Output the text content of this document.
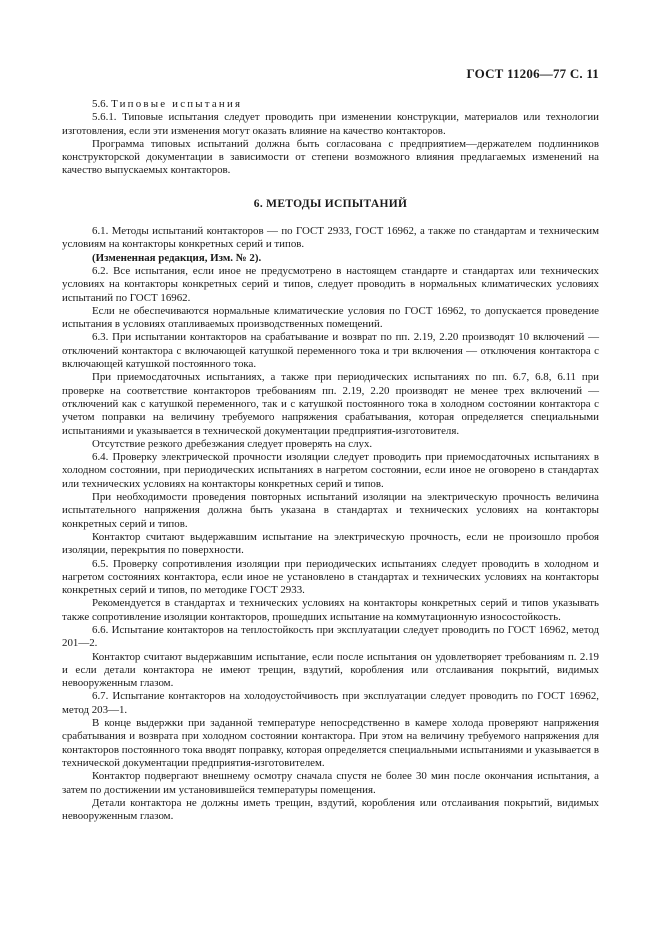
ГОСТ 11206—77 С. 11

5.6. Типовые испытания

5.6.1. Типовые испытания следует проводить при изменении конструкции, материалов или технологии изготовления, если эти изменения могут оказать влияние на качество контакторов.

Программа типовых испытаний должна быть согласована с предприятием—держателем подлинников конструкторской документации в зависимости от степени возможного влияния предлагаемых изменений на качество выпускаемых контакторов.

6. МЕТОДЫ ИСПЫТАНИЙ

6.1. Методы испытаний контакторов — по ГОСТ 2933, ГОСТ 16962, а также по стандартам и техническим условиям на контакторы конкретных серий и типов.

(Измененная редакция, Изм. № 2).

6.2. Все испытания, если иное не предусмотрено в настоящем стандарте и стандартах или технических условиях на контакторы конкретных серий и типов, следует проводить в нормальных климатических условиях испытаний по ГОСТ 16962.

Если не обеспечиваются нормальные климатические условия по ГОСТ 16962, то допускается проведение испытания в условиях отапливаемых производственных помещений.

6.3. При испытании контакторов на срабатывание и возврат по пп. 2.19, 2.20 производят 10 включений — отключений контактора с включающей катушкой переменного тока и три включения — отключения контактора с включающей катушкой постоянного тока.

При приемосдаточных испытаниях, а также при периодических испытаниях по пп. 6.7, 6.8, 6.11 при проверке на соответствие контакторов требованиям пп. 2.19, 2.20 производят не менее трех включений — отключений как с катушкой переменного, так и с катушкой постоянного тока в холодном состоянии контактора с учетом поправки на величину требуемого напряжения срабатывания, которая определяется специальными испытаниями и указывается в технической документации предприятия-изготовителя.

Отсутствие резкого дребезжания следует проверять на слух.

6.4. Проверку электрической прочности изоляции следует проводить при приемосдаточных испытаниях в холодном состоянии, при периодических испытаниях в нагретом состоянии, если иное не оговорено в стандартах или технических условиях на контакторы конкретных серий и типов.

При необходимости проведения повторных испытаний изоляции на электрическую прочность величина испытательного напряжения должна быть указана в стандартах и технических условиях на контакторы конкретных серий и типов.

Контактор считают выдержавшим испытание на электрическую прочность, если не произошло пробоя изоляции, перекрытия по поверхности.

6.5. Проверку сопротивления изоляции при периодических испытаниях следует проводить в холодном и нагретом состояниях контактора, если иное не установлено в стандартах и технических условиях на контакторы конкретных серий и типов, по методике ГОСТ 2933.

Рекомендуется в стандартах и технических условиях на контакторы конкретных серий и типов указывать также сопротивление изоляции контакторов, прошедших испытание на коммутационную износостойкость.

6.6. Испытание контакторов на теплостойкость при эксплуатации следует проводить по ГОСТ 16962, метод 201—2.

Контактор считают выдержавшим испытание, если после испытания он удовлетворяет требованиям п. 2.19 и если детали контактора не имеют трещин, вздутий, коробления или отслаивания покрытий, видимых невооруженным глазом.

6.7. Испытание контакторов на холодоустойчивость при эксплуатации следует проводить по ГОСТ 16962, метод 203—1.

В конце выдержки при заданной температуре непосредственно в камере холода проверяют напряжения срабатывания и возврата при холодном состоянии контактора. При этом на величину требуемого напряжения для контакторов постоянного тока вводят поправку, которая определяется специальными испытаниями и указывается в технической документации предприятия-изготовителем.

Контактор подвергают внешнему осмотру сначала спустя не более 30 мин после окончания испытания, а затем по достижении им установившейся температуры помещения.

Детали контактора не должны иметь трещин, вздутий, коробления или отслаивания покрытий, видимых невооруженным глазом.
